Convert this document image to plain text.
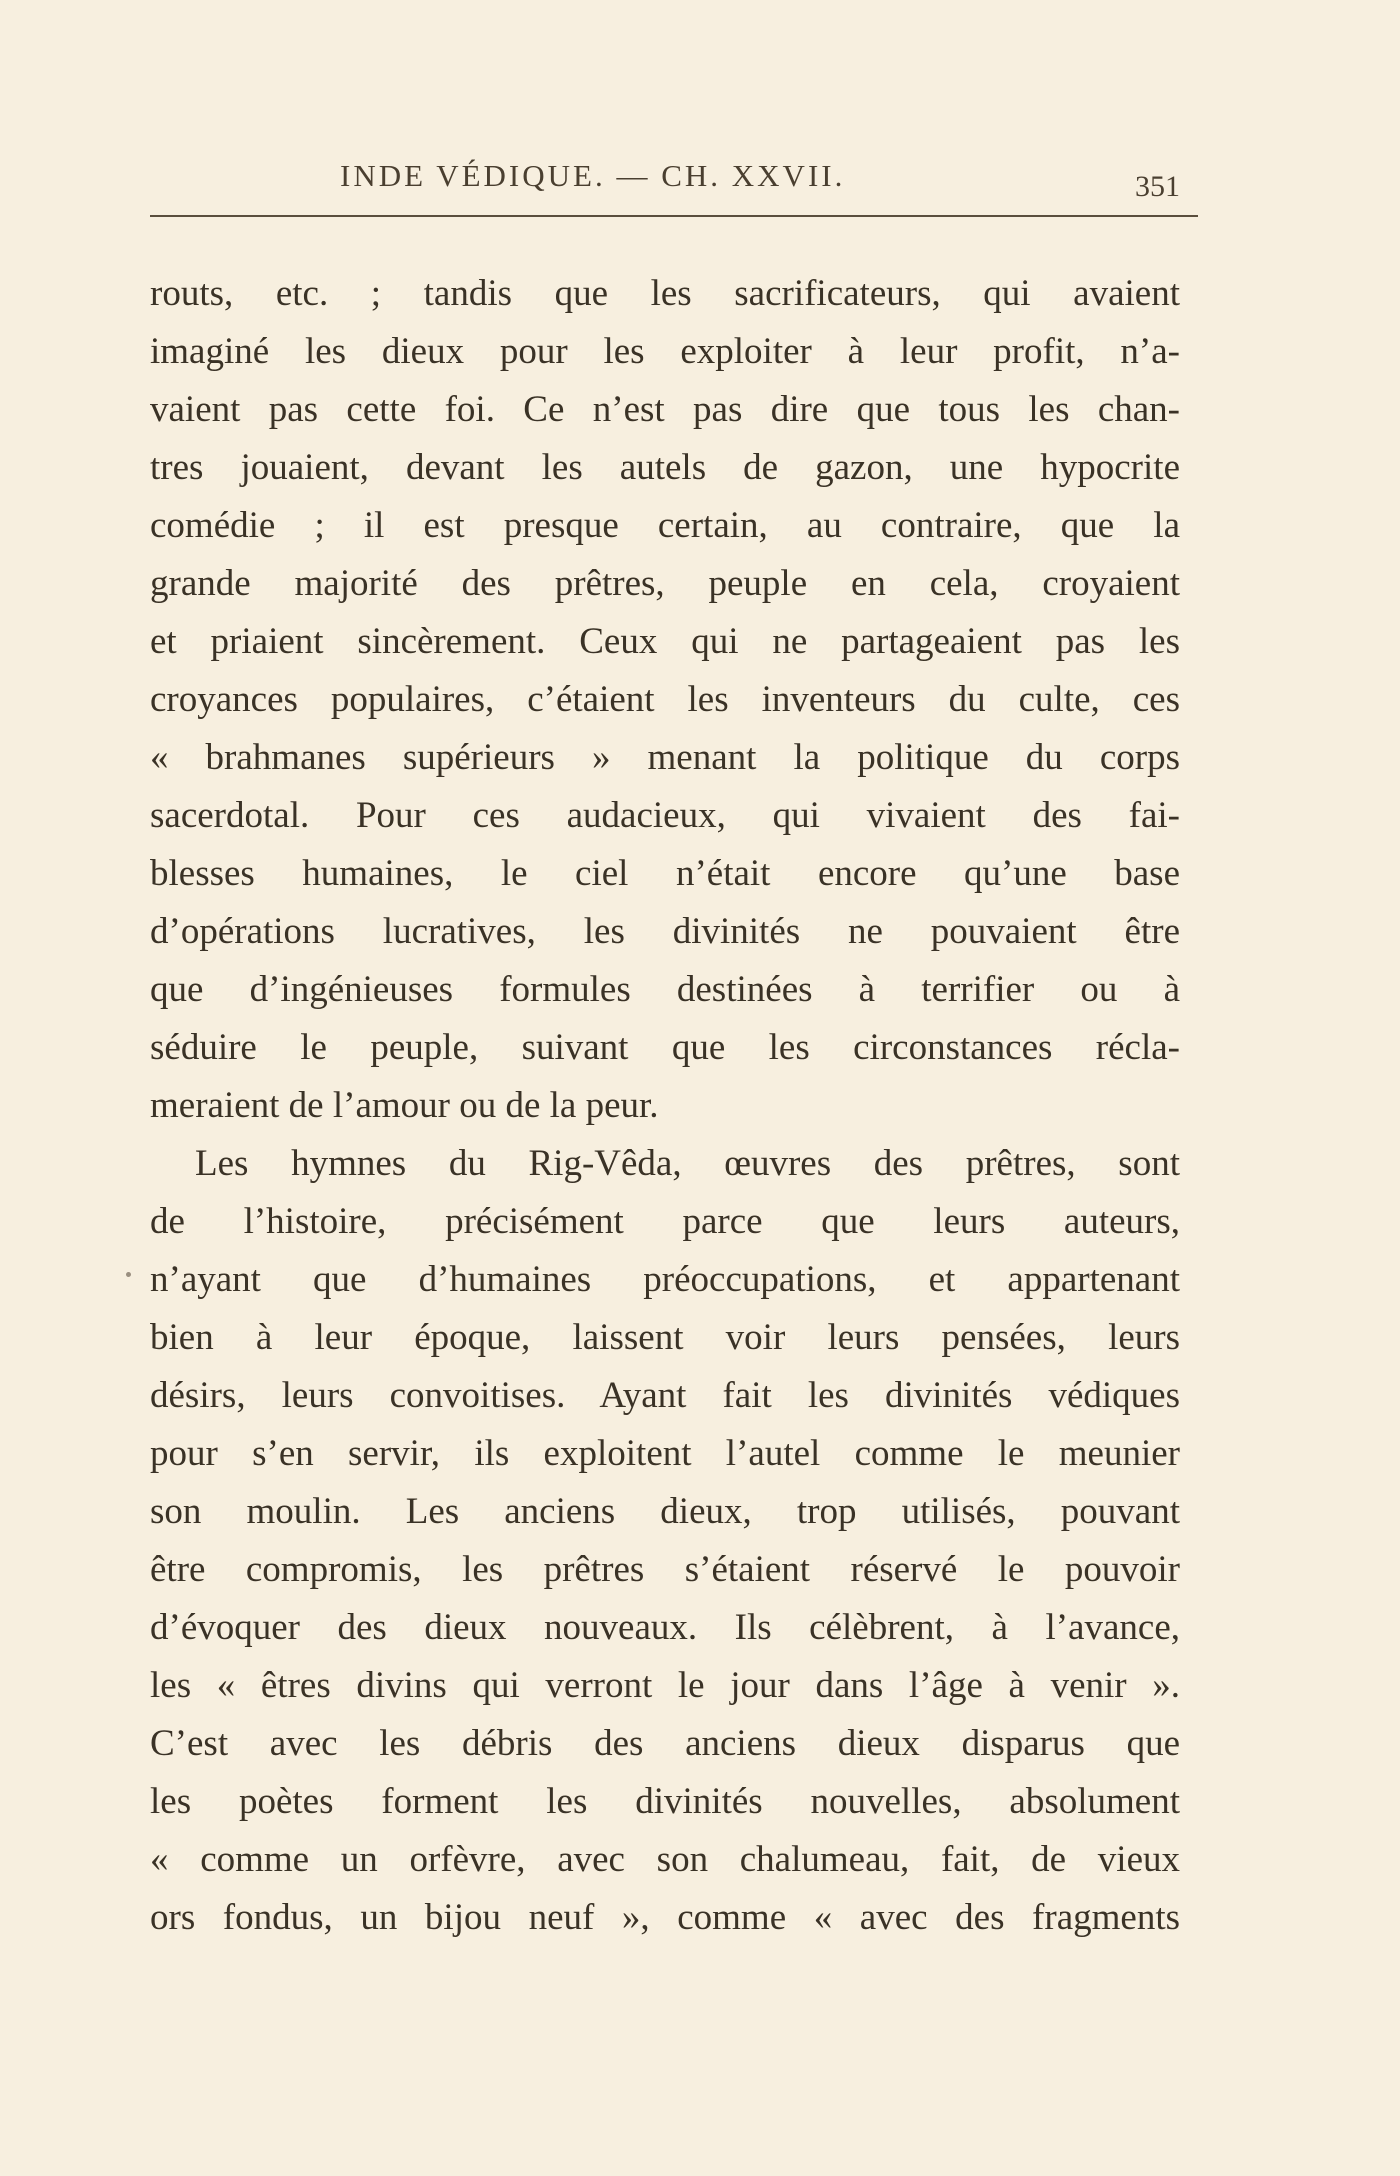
INDE VÉDIQUE. — CH. XXVII.	351
routs, etc. ; tandis que les sacrificateurs, qui avaient
imaginé les dieux pour les exploiter à leur profit, n’a-
vaient pas cette foi. Ce n’est pas dire que tous les chan-
tres jouaient, devant les autels de gazon, une hypocrite
comédie ; il est presque certain, au contraire, que la
grande majorité des prêtres, peuple en cela, croyaient
et priaient sincèrement. Ceux qui ne partageaient pas les
croyances populaires, c’étaient les inventeurs du culte, ces
« brahmanes supérieurs » menant la politique du corps
sacerdotal. Pour ces audacieux, qui vivaient des fai-
blesses humaines, le ciel n’était encore qu’une base
d’opérations lucratives, les divinités ne pouvaient être
que d’ingénieuses formules destinées à terrifier ou à
séduire le peuple, suivant que les circonstances récla-
meraient de l’amour ou de la peur.
Les hymnes du Rig-Vêda, œuvres des prêtres, sont
de l’histoire, précisément parce que leurs auteurs,
n’ayant que d’humaines préoccupations, et appartenant
bien à leur époque, laissent voir leurs pensées, leurs
désirs, leurs convoitises. Ayant fait les divinités védiques
pour s’en servir, ils exploitent l’autel comme le meunier
son moulin. Les anciens dieux, trop utilisés, pouvant
être compromis, les prêtres s’étaient réservé le pouvoir
d’évoquer des dieux nouveaux. Ils célèbrent, à l’avance,
les « êtres divins qui verront le jour dans l’âge à venir ».
C’est avec les débris des anciens dieux disparus que
les poètes forment les divinités nouvelles, absolument
« comme un orfèvre, avec son chalumeau, fait, de vieux
ors fondus, un bijou neuf », comme « avec des fragments
